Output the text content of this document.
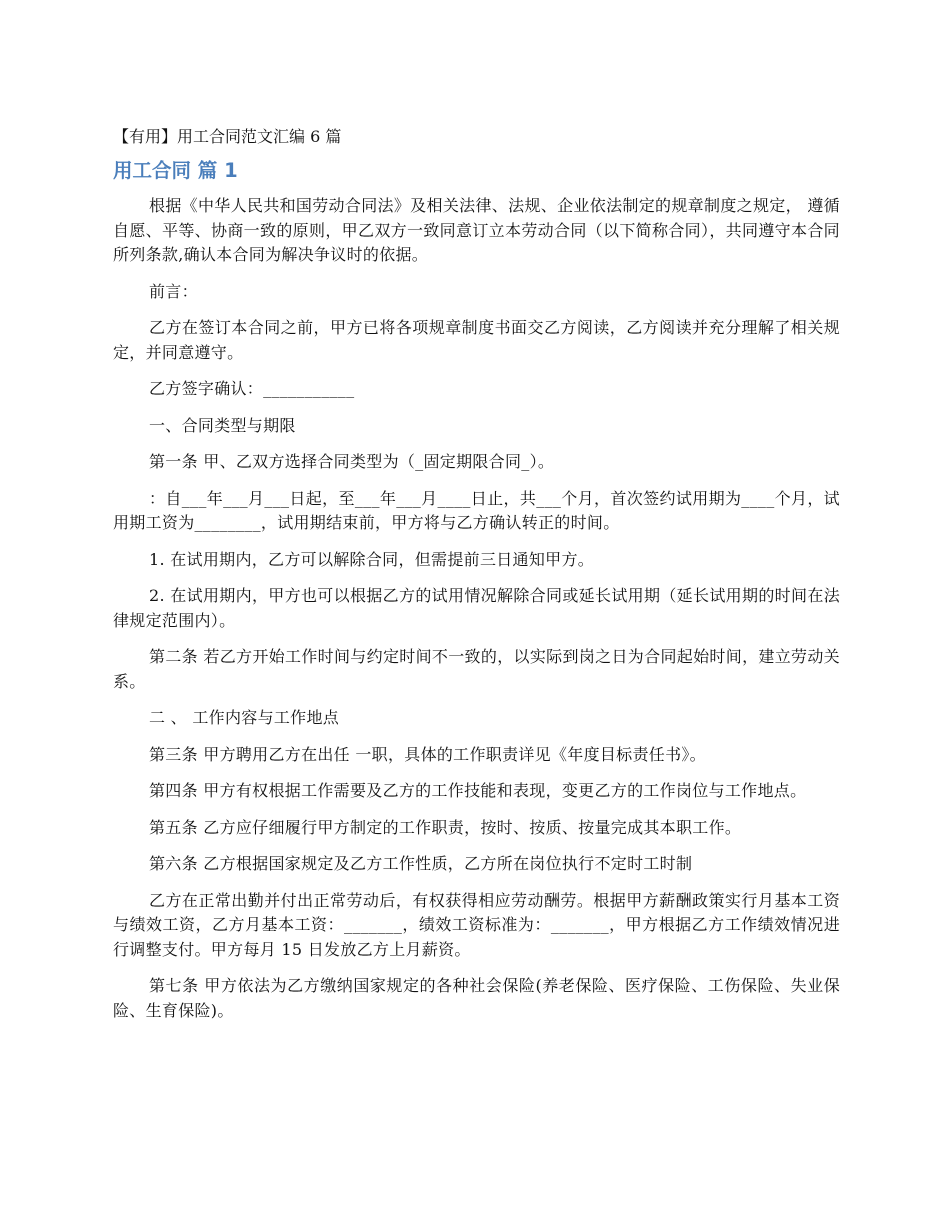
【有用】用工合同范文汇编 6 篇
用工合同 篇 1

根据《中华人民共和国劳动合同法》及相关法律、法规、企业依法制定的规章制度之规定， 遵循自愿、平等、协商一致的原则，甲乙双方一致同意订立本劳动合同（以下简称合同），共同遵守本合同所列条款,确认本合同为解决争议时的依据。

前言：

乙方在签订本合同之前，甲方已将各项规章制度书面交乙方阅读，乙方阅读并充分理解了相关规定，并同意遵守。

乙方签字确认：___________

一、合同类型与期限

第一条 甲、乙双方选择合同类型为（_固定期限合同_）。

：自___年___月___日起，至___年___月____日止，共___个月，首次签约试用期为____个月，试用期工资为________，试用期结束前，甲方将与乙方确认转正的时间。

1. 在试用期内，乙方可以解除合同，但需提前三日通知甲方。

2. 在试用期内，甲方也可以根据乙方的试用情况解除合同或延长试用期（延长试用期的时间在法律规定范围内）。

第二条 若乙方开始工作时间与约定时间不一致的，以实际到岗之日为合同起始时间，建立劳动关系。

二 、 工作内容与工作地点

第三条 甲方聘用乙方在出任 一职，具体的工作职责详见《年度目标责任书》。

第四条 甲方有权根据工作需要及乙方的工作技能和表现，变更乙方的工作岗位与工作地点。

第五条 乙方应仔细履行甲方制定的工作职责，按时、按质、按量完成其本职工作。

第六条 乙方根据国家规定及乙方工作性质，乙方所在岗位执行不定时工时制

乙方在正常出勤并付出正常劳动后，有权获得相应劳动酬劳。根据甲方薪酬政策实行月基本工资与绩效工资，乙方月基本工资：_______，绩效工资标准为：_______，甲方根据乙方工作绩效情况进行调整支付。甲方每月 15 日发放乙方上月薪资。

第七条 甲方依法为乙方缴纳国家规定的各种社会保险(养老保险、医疗保险、工伤保险、失业保险、生育保险)。
